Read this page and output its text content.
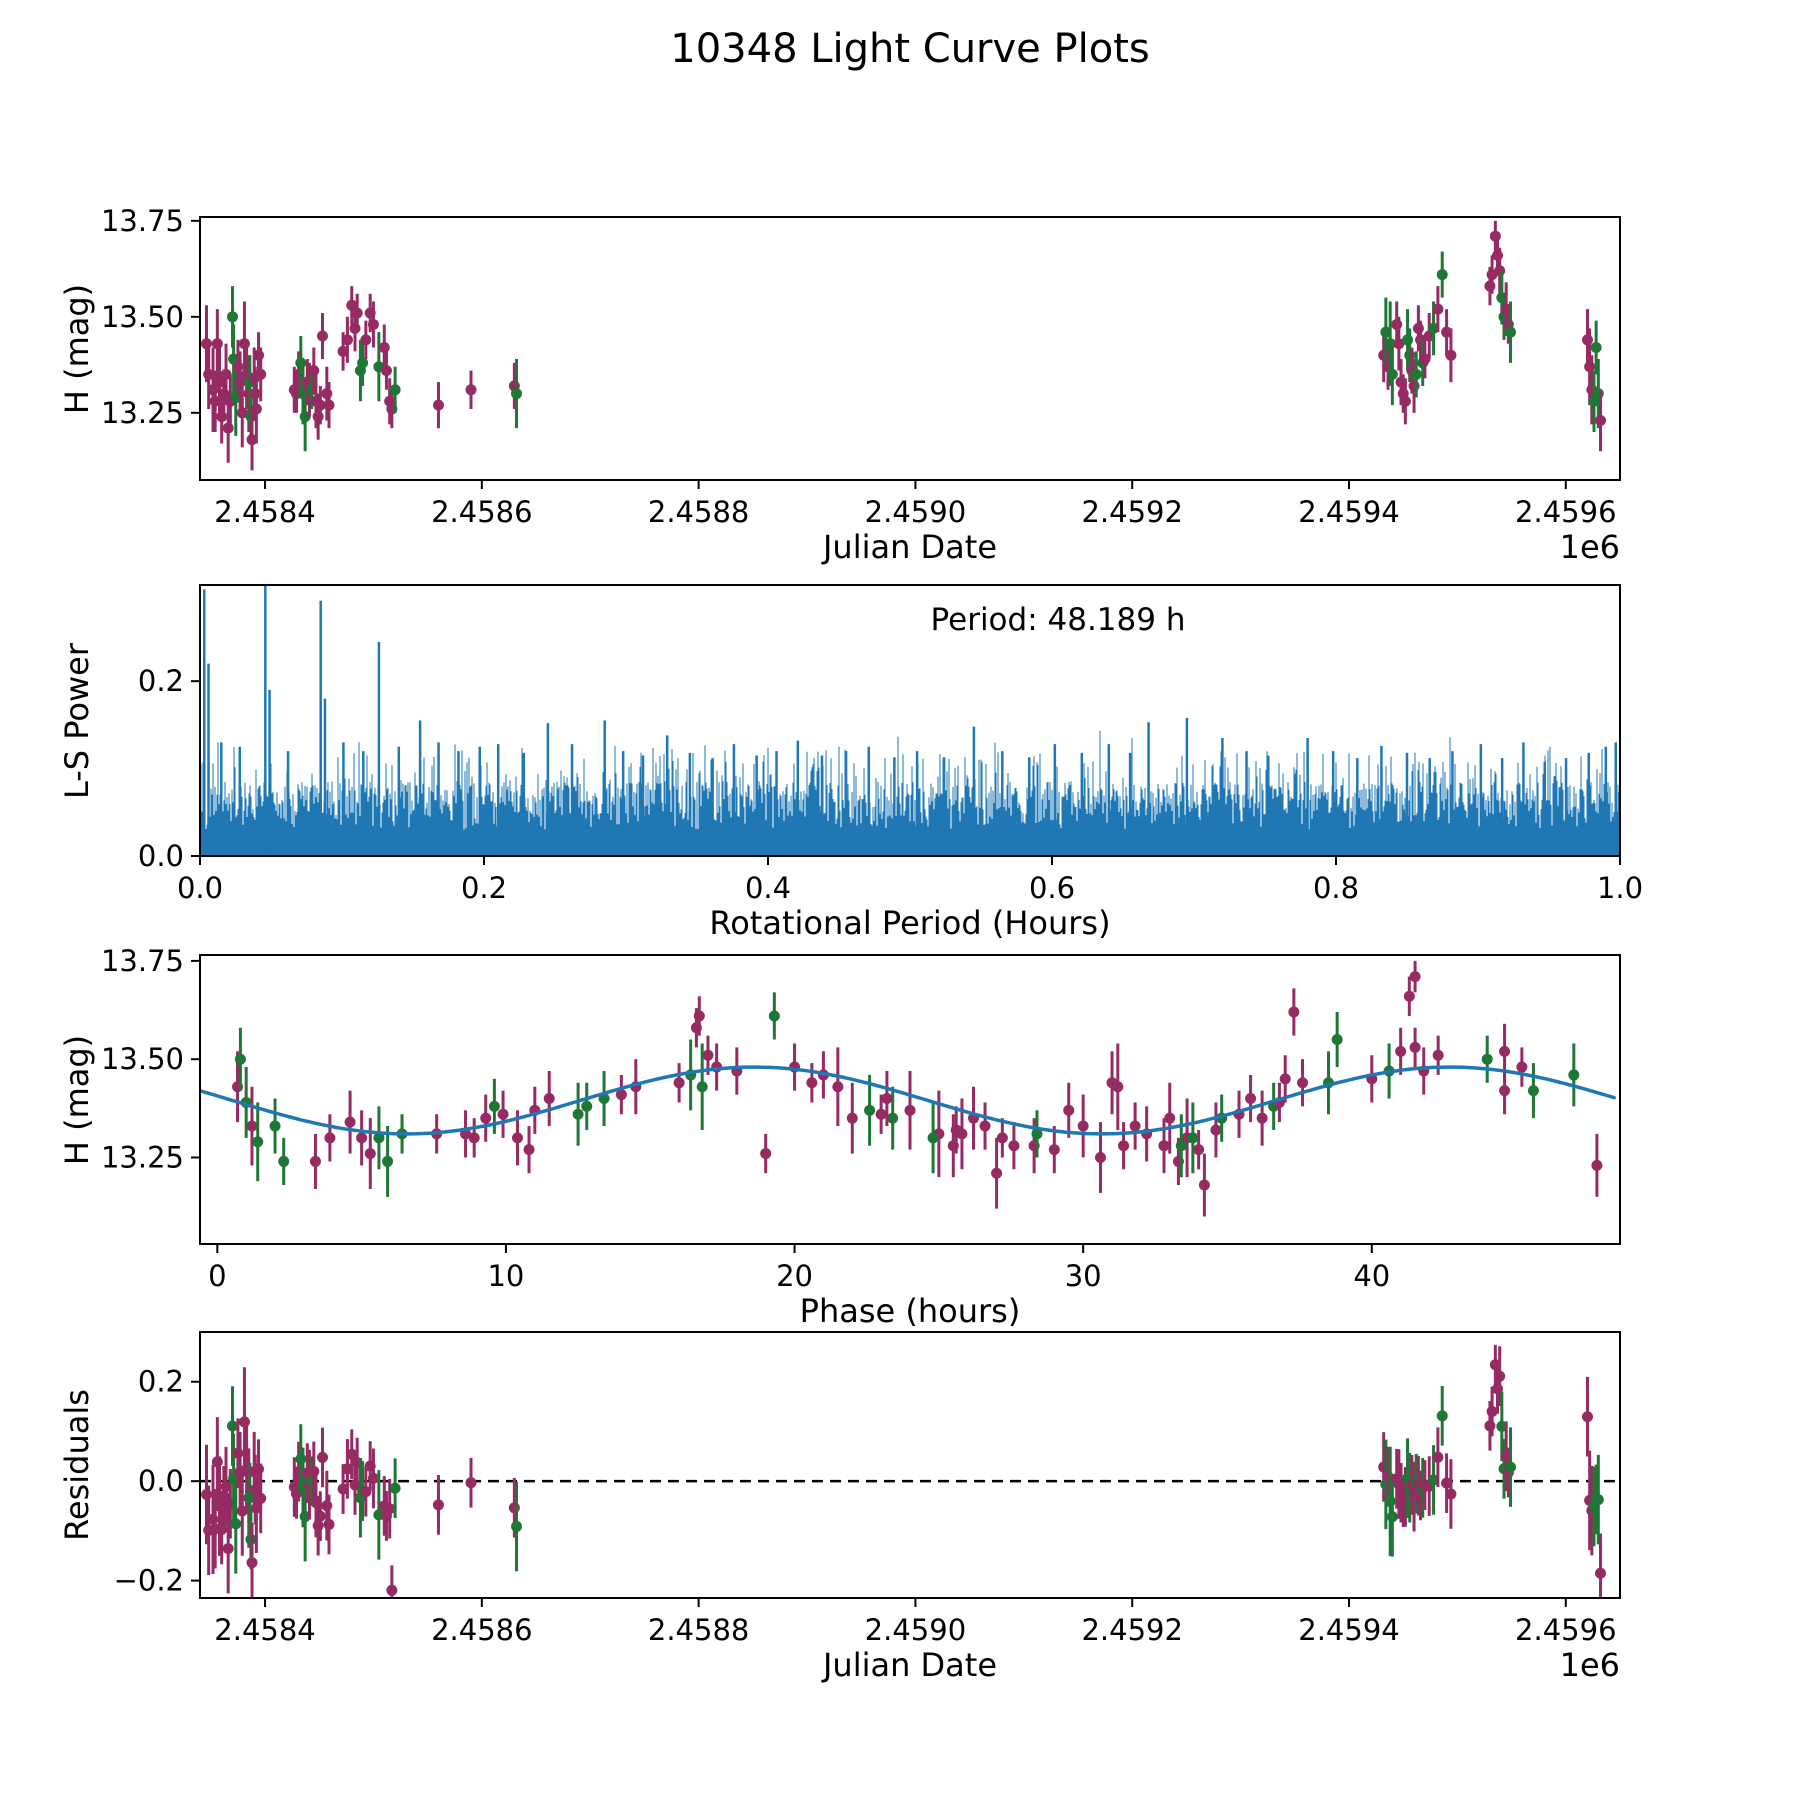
2.4584	2.4586	2.4588	2.4590	2.4592	2.4594	2.4596
13.25
13.50
13.75
0.0	0.2	0.4	0.6	0.8	1.0
0.0
0.2
0	10	20	30	40
13.25
13.50
13.75
2.4584	2.4586	2.4588	2.4590	2.4592	2.4594	2.4596
−0.2
0.0
0.2
10348 Light Curve Plots
H (mag)
Julian Date	1e6
L-S Power
Rotational Period (Hours)
Period: 48.189 h
H (mag)
Phase (hours)
Residuals
Julian Date	1e6
